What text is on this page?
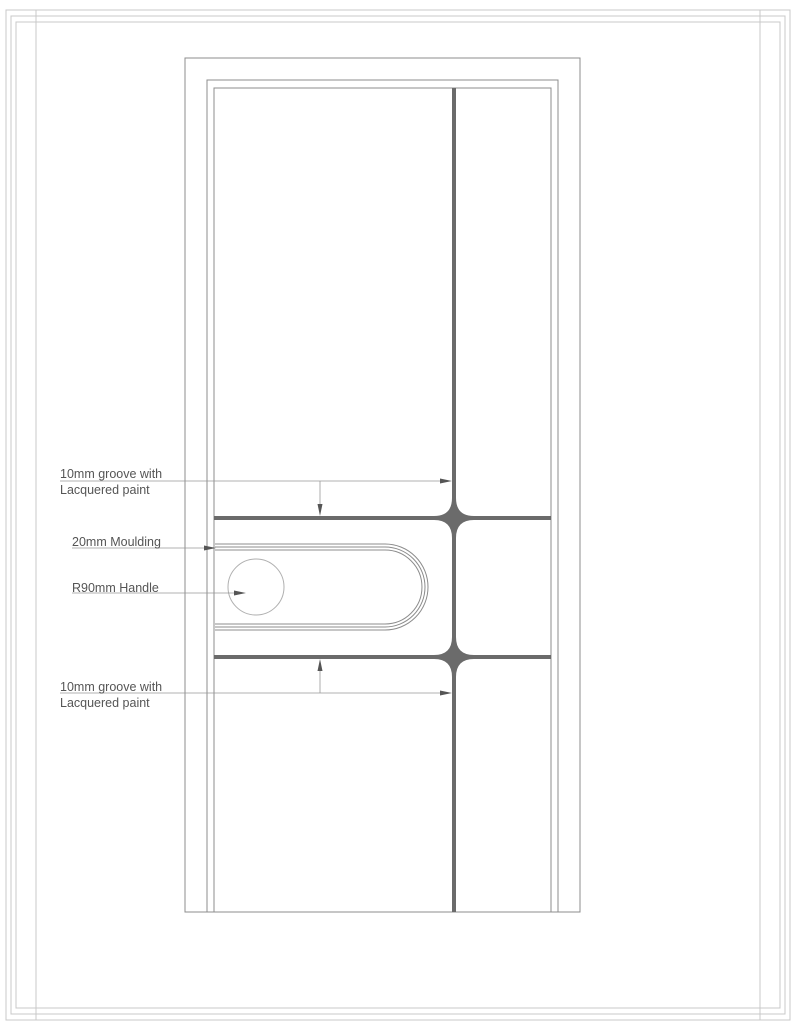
10mm groove with
Lacquered paint
20mm Moulding
R90mm Handle
10mm groove with
Lacquered paint
